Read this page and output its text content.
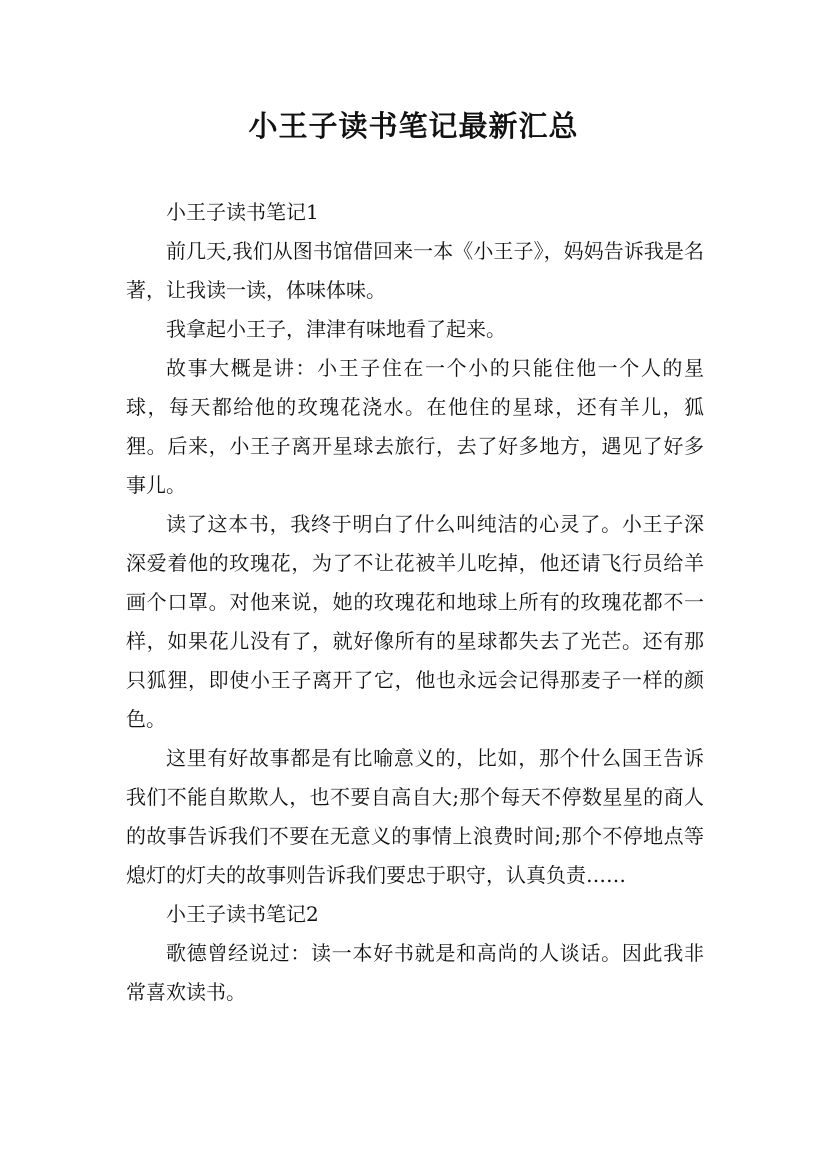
小王子读书笔记最新汇总

小王子读书笔记1

前几天,我们从图书馆借回来一本《小王子》，妈妈告诉我是名著，让我读一读，体味体味。

我拿起小王子，津津有味地看了起来。

故事大概是讲：小王子住在一个小的只能住他一个人的星球，每天都给他的玫瑰花浇水。在他住的星球，还有羊儿，狐狸。后来，小王子离开星球去旅行，去了好多地方，遇见了好多事儿。

读了这本书，我终于明白了什么叫纯洁的心灵了。小王子深深爱着他的玫瑰花，为了不让花被羊儿吃掉，他还请飞行员给羊画个口罩。对他来说，她的玫瑰花和地球上所有的玫瑰花都不一样，如果花儿没有了，就好像所有的星球都失去了光芒。还有那只狐狸，即使小王子离开了它，他也永远会记得那麦子一样的颜色。

这里有好故事都是有比喻意义的，比如，那个什么国王告诉我们不能自欺欺人，也不要自高自大;那个每天不停数星星的商人的故事告诉我们不要在无意义的事情上浪费时间;那个不停地点等熄灯的灯夫的故事则告诉我们要忠于职守，认真负责……

小王子读书笔记2

歌德曾经说过：读一本好书就是和高尚的人谈话。因此我非常喜欢读书。
